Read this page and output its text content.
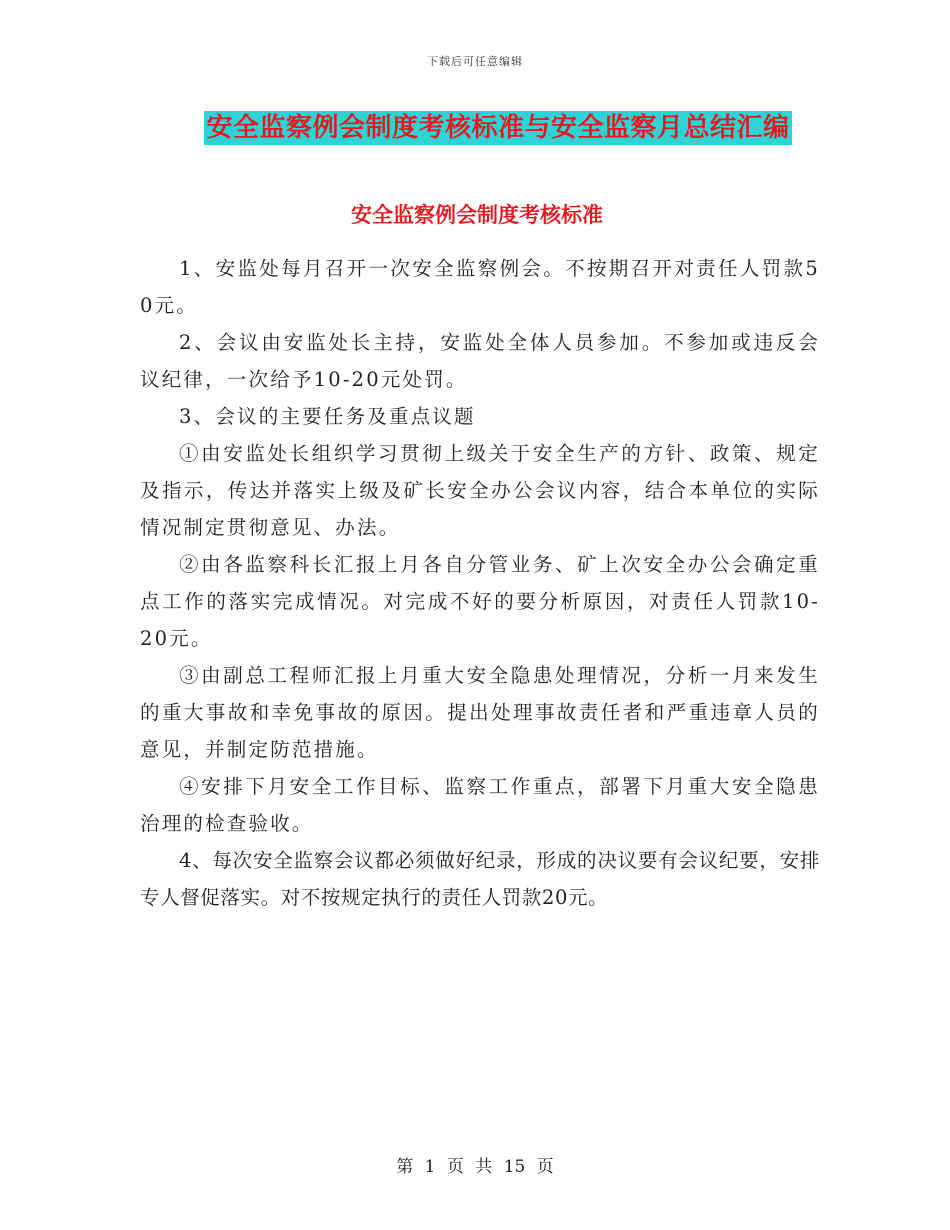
下载后可任意编辑
安全监察例会制度考核标准与安全监察月总结汇编
安全监察例会制度考核标准

1、安监处每月召开一次安全监察例会。不按期召开对责任人罚款50元。

2、会议由安监处长主持，安监处全体人员参加。不参加或违反会议纪律，一次给予10-20元处罚。

3、会议的主要任务及重点议题

①由安监处长组织学习贯彻上级关于安全生产的方针、政策、规定及指示，传达并落实上级及矿长安全办公会议内容，结合本单位的实际情况制定贯彻意见、办法。

②由各监察科长汇报上月各自分管业务、矿上次安全办公会确定重点工作的落实完成情况。对完成不好的要分析原因，对责任人罚款10-20元。

③由副总工程师汇报上月重大安全隐患处理情况，分析一月来发生的重大事故和幸免事故的原因。提出处理事故责任者和严重违章人员的意见，并制定防范措施。

④安排下月安全工作目标、监察工作重点，部署下月重大安全隐患治理的检查验收。

4、每次安全监察会议都必须做好纪录，形成的决议要有会议纪要，安排专人督促落实。对不按规定执行的责任人罚款20元。

第 1 页 共 15 页
